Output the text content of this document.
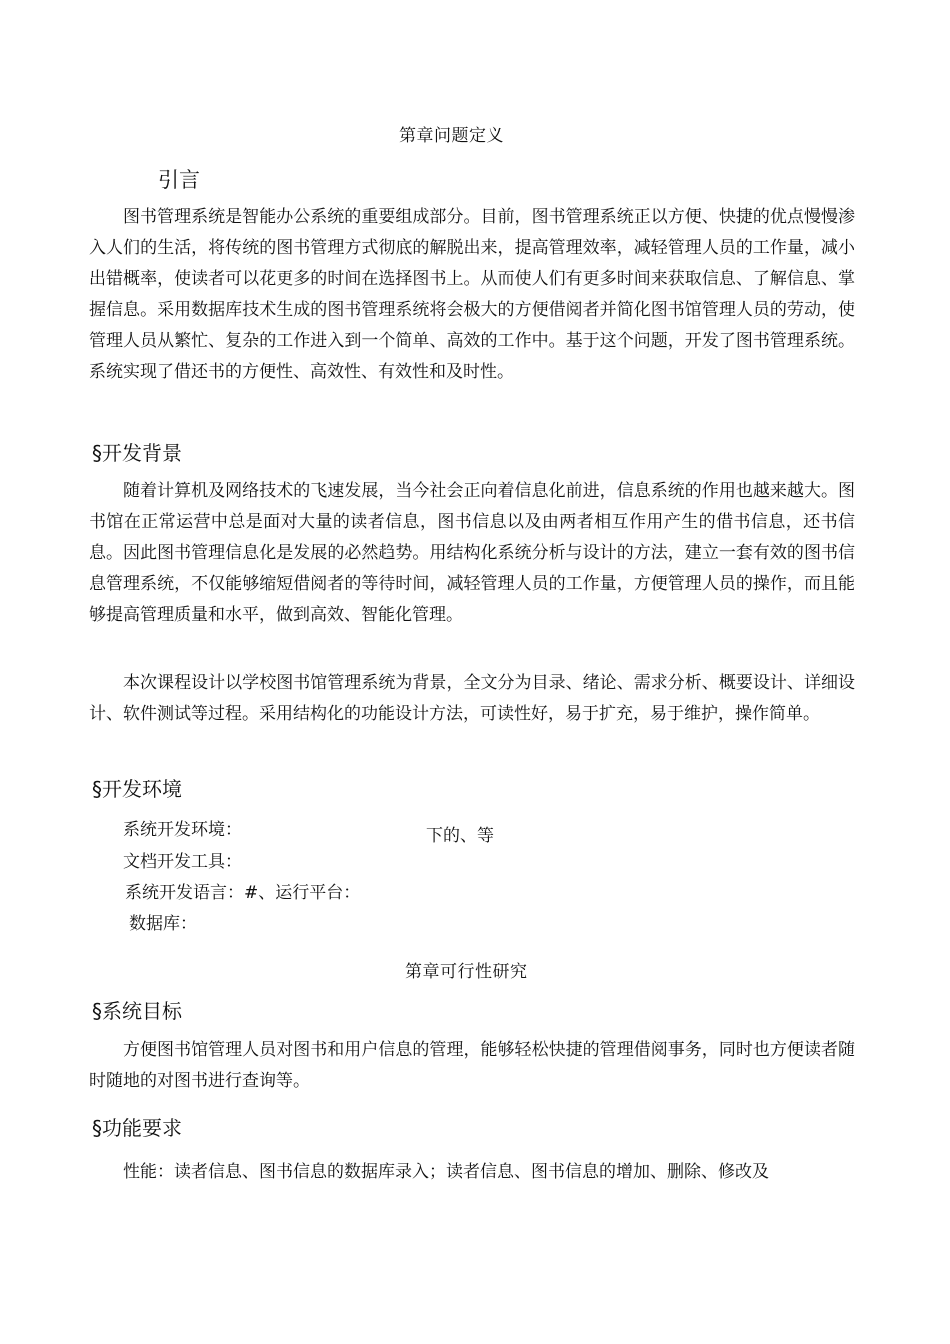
第章问题定义
引言
图书管理系统是智能办公系统的重要组成部分。目前，图书管理系统正以方便、快捷的优点慢慢渗入人们的生活，将传统的图书管理方式彻底的解脱出来，提高管理效率，减轻管理人员的工作量，减小出错概率，使读者可以花更多的时间在选择图书上。从而使人们有更多时间来获取信息、了解信息、掌握信息。采用数据库技术生成的图书管理系统将会极大的方便借阅者并简化图书馆管理人员的劳动，使管理人员从繁忙、复杂的工作进入到一个简单、高效的工作中。基于这个问题，开发了图书管理系统。系统实现了借还书的方便性、高效性、有效性和及时性。
§开发背景
随着计算机及网络技术的飞速发展，当今社会正向着信息化前进，信息系统的作用也越来越大。图书馆在正常运营中总是面对大量的读者信息，图书信息以及由两者相互作用产生的借书信息，还书信息。因此图书管理信息化是发展的必然趋势。用结构化系统分析与设计的方法，建立一套有效的图书信息管理系统，不仅能够缩短借阅者的等待时间，减轻管理人员的工作量，方便管理人员的操作，而且能够提高管理质量和水平，做到高效、智能化管理。
本次课程设计以学校图书馆管理系统为背景，全文分为目录、绪论、需求分析、概要设计、详细设计、软件测试等过程。采用结构化的功能设计方法，可读性好，易于扩充，易于维护，操作简单。
§开发环境
系统开发环境：	下的、等
文档开发工具：
系统开发语言：#、运行平台：
数据库：
第章可行性研究
§系统目标
方便图书馆管理人员对图书和用户信息的管理，能够轻松快捷的管理借阅事务，同时也方便读者随时随地的对图书进行查询等。
§功能要求
性能：读者信息、图书信息的数据库录入；读者信息、图书信息的增加、删除、修改及
